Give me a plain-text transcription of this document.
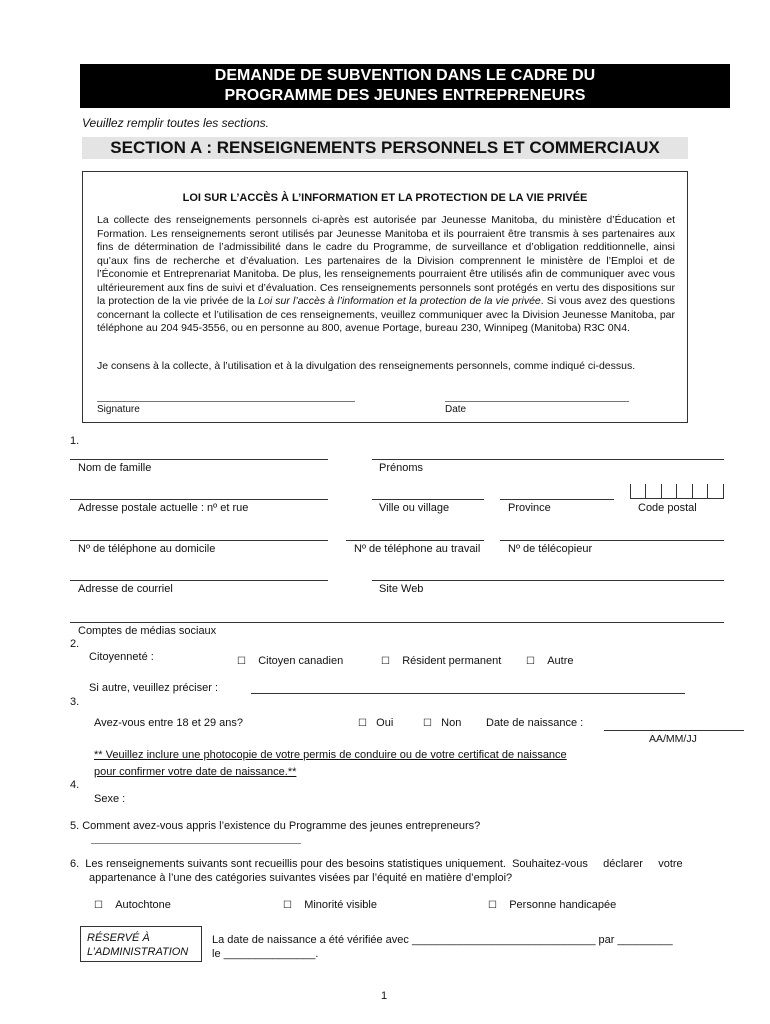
DEMANDE DE SUBVENTION DANS LE CADRE DU
PROGRAMME DES JEUNES ENTREPRENEURS
Veuillez remplir toutes les sections.
SECTION A : RENSEIGNEMENTS PERSONNELS ET COMMERCIAUX
LOI SUR L’ACCÈS À L’INFORMATION ET LA PROTECTION DE LA VIE PRIVÉE
La collecte des renseignements personnels ci-après est autorisée par Jeunesse Manitoba, du ministère d’Éducation et Formation. Les renseignements seront utilisés par Jeunesse Manitoba et ils pourraient être transmis à ses partenaires aux fins de détermination de l’admissibilité dans le cadre du Programme, de surveillance et d’obligation redditionnelle, ainsi qu’aux fins de recherche et d’évaluation. Les partenaires de la Division comprennent le ministère de l’Emploi et de l’Économie et Entreprenariat Manitoba. De plus, les renseignements pourraient être utilisés afin de communiquer avec vous ultérieurement aux fins de suivi et d’évaluation. Ces renseignements personnels sont protégés en vertu des dispositions sur la protection de la vie privée de la Loi sur l’accès à l’information et la protection de la vie privée. Si vous avez des questions concernant la collecte et l’utilisation de ces renseignements, veuillez communiquer avec la Division Jeunesse Manitoba, par téléphone au 204 945-3556, ou en personne au 800, avenue Portage, bureau 230, Winnipeg (Manitoba) R3C 0N4.
Je consens à la collecte, à l’utilisation et à la divulgation des renseignements personnels, comme indiqué ci-dessus.
Signature	Date
1.
Nom de famille	Prénoms
Adresse postale actuelle : nº et rue	Ville ou village	Province	Code postal
Nº de téléphone au domicile	Nº de téléphone au travail	Nº de télécopieur
Adresse de courriel	Site Web
Comptes de médias sociaux
2.
Citoyenneté :	☐ Citoyen canadien	☐ Résident permanent ☐ Autre
Si autre, veuillez préciser :
3.
Avez-vous entre 18 et 29 ans?	☐ Oui	☐ Non Date de naissance :
AA/MM/JJ
** Veuillez inclure une photocopie de votre permis de conduire ou de votre certificat de naissance
pour confirmer votre date de naissance.**
4.
Sexe :
5. Comment avez-vous appris l’existence du Programme des jeunes entrepreneurs?
6.  Les renseignements suivants sont recueillis pour des besoins statistiques uniquement.  Souhaitez-vous     déclarer     votre
appartenance à l’une des catégories suivantes visées par l’équité en matière d’emploi?
☐ Autochtone	☐ Minorité visible	☐ Personne handicapée
RÉSERVÉ À
L’ADMINISTRATION
La date de naissance a été vérifiée avec ______________________________ par _________
le _______________.
1
